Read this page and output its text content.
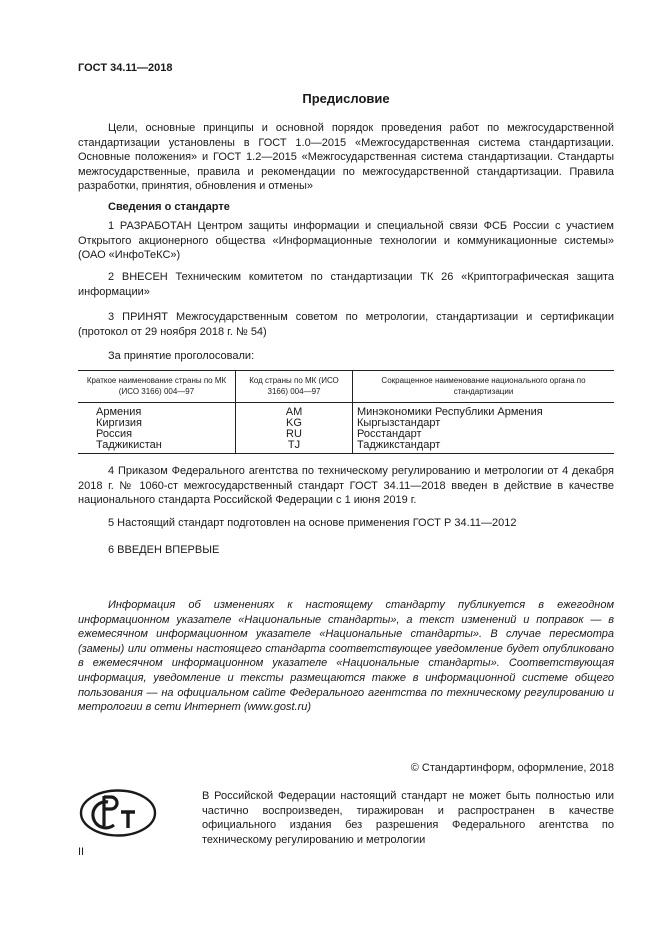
ГОСТ 34.11—2018
Предисловие
Цели, основные принципы и основной порядок проведения работ по межгосударственной стандартизации установлены в ГОСТ 1.0—2015 «Межгосударственная система стандартизации. Основные положения» и ГОСТ 1.2—2015 «Межгосударственная система стандартизации. Стандарты межгосударственные, правила и рекомендации по межгосударственной стандартизации. Правила разработки, принятия, обновления и отмены»
Сведения о стандарте
1 РАЗРАБОТАН Центром защиты информации и специальной связи ФСБ России с участием Открытого акционерного общества «Информационные технологии и коммуникационные системы» (ОАО «ИнфоТеКС»)
2 ВНЕСЕН Техническим комитетом по стандартизации ТК 26 «Криптографическая защита информации»
3 ПРИНЯТ Межгосударственным советом по метрологии, стандартизации и сертификации (протокол от 29 ноября 2018 г. № 54)
За принятие проголосовали:
Краткое наименование страны по МК (ИСО 3166) 004—97	Код страны по МК (ИСО 3166) 004—97	Сокращенное наименование национального органа по стандартизации
Армения	AM	Минэкономики Республики Армения
Киргизия	KG	Кыргызстандарт
Россия	RU	Росстандарт
Таджикистан	TJ	Таджикстандарт
4 Приказом Федерального агентства по техническому регулированию и метрологии от 4 декабря 2018 г. № 1060-ст межгосударственный стандарт ГОСТ 34.11—2018 введен в действие в качестве национального стандарта Российской Федерации с 1 июня 2019 г.
5 Настоящий стандарт подготовлен на основе применения ГОСТ Р 34.11—2012
6 ВВЕДЕН ВПЕРВЫЕ
Информация об изменениях к настоящему стандарту публикуется в ежегодном информационном указателе «Национальные стандарты», а текст изменений и поправок — в ежемесячном информационном указателе «Национальные стандарты». В случае пересмотра (замены) или отмены настоящего стандарта соответствующее уведомление будет опубликовано в ежемесячном информационном указателе «Национальные стандарты». Соответствующая информация, уведомление и тексты размещаются также в информационной системе общего пользования — на официальном сайте Федерального агентства по техническому регулированию и метрологии в сети Интернет (www.gost.ru)
© Стандартинформ, оформление, 2018
В Российской Федерации настоящий стандарт не может быть полностью или частично воспроизведен, тиражирован и распространен в качестве официального издания без разрешения Федерального агентства по техническому регулированию и метрологии
II
